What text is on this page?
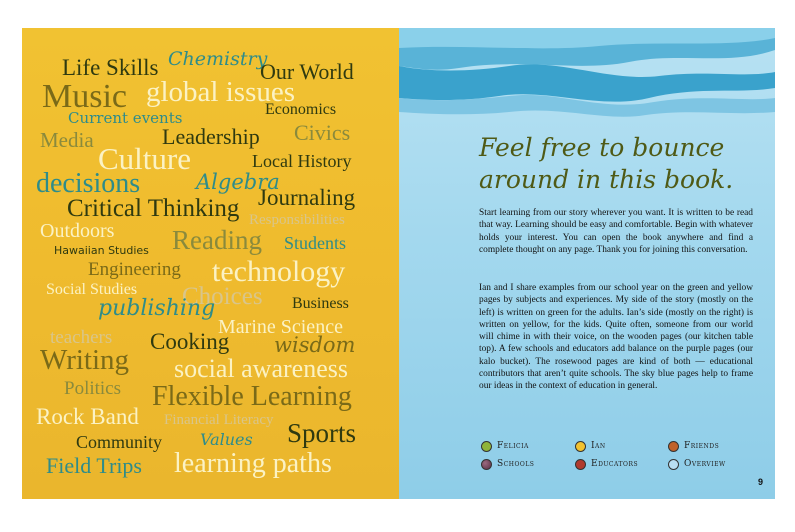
Life Skills Chemistry
Our World
Music global issues
Economics
Current events
Media	Leadership Civics
Culture	Local History
decisions	Algebra
Journaling
Critical Thinking Responsibilities
Outdoors Reading Students
Hawaiian Studies
Engineering technology
Social Studies Choices Business
publishing
teachers	Marine Science
Cooking wisdom
Writing social awareness
Politics Flexible Learning
Rock Band Financial Literacy
Community Values Sports
Field Trips learning paths
Feel free to bounce around in this book.
Start learning from our story wherever you want. It is written to be read that way. Learning should be easy and comfortable. Begin with whatever holds your interest. You can open the book anywhere and find a complete thought on any page. Thank you for joining this conversation.
Ian and I share examples from our school year on the green and yellow pages by subjects and experiences. My side of the story (mostly on the left) is written on green for the adults. Ian’s side (mostly on the right) is written on yellow, for the kids. Quite often, someone from our world will chime in with their voice, on the wooden pages (our kitchen table top). A few schools and educators add balance on the purple pages (our kalo bucket). The rosewood pages are kind of both — educational contributors that aren’t quite schools. The sky blue pages help to frame our ideas in the context of education in general.
Felicia	Ian	Friends
Schools	Educators	Overview
9
